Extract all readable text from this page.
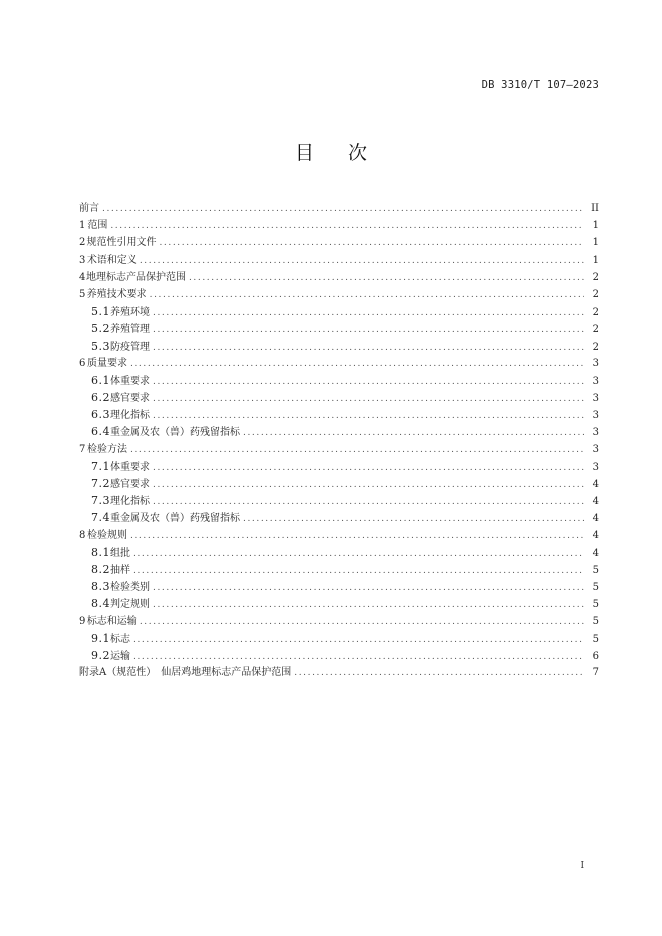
DB 3310/T 107—2023
目 次
前言 .....	II
1 范围 .....	1
2 规范性引用文件 .....	1
3 术语和定义 .....	1
4 地理标志产品保护范围 .....	2
5 养殖技术要求 .....	2
5.1 养殖环境 .....	2
5.2 养殖管理 .....	2
5.3 防疫管理 .....	2
6 质量要求 .....	3
6.1 体重要求 .....	3
6.2 感官要求 .....	3
6.3 理化指标 .....	3
6.4 重金属及农（兽）药残留指标 .....	3
7 检验方法 .....	3
7.1 体重要求 .....	3
7.2 感官要求 .....	4
7.3 理化指标 .....	4
7.4 重金属及农（兽）药残留指标 .....	4
8 检验规则 .....	4
8.1 组批 .....	4
8.2 抽样 .....	5
8.3 检验类别 .....	5
8.4 判定规则 .....	5
9 标志和运输 .....	5
9.1 标志 .....	5
9.2 运输 .....	6
附录A（规范性）　仙居鸡地理标志产品保护范围 .....	7
I
